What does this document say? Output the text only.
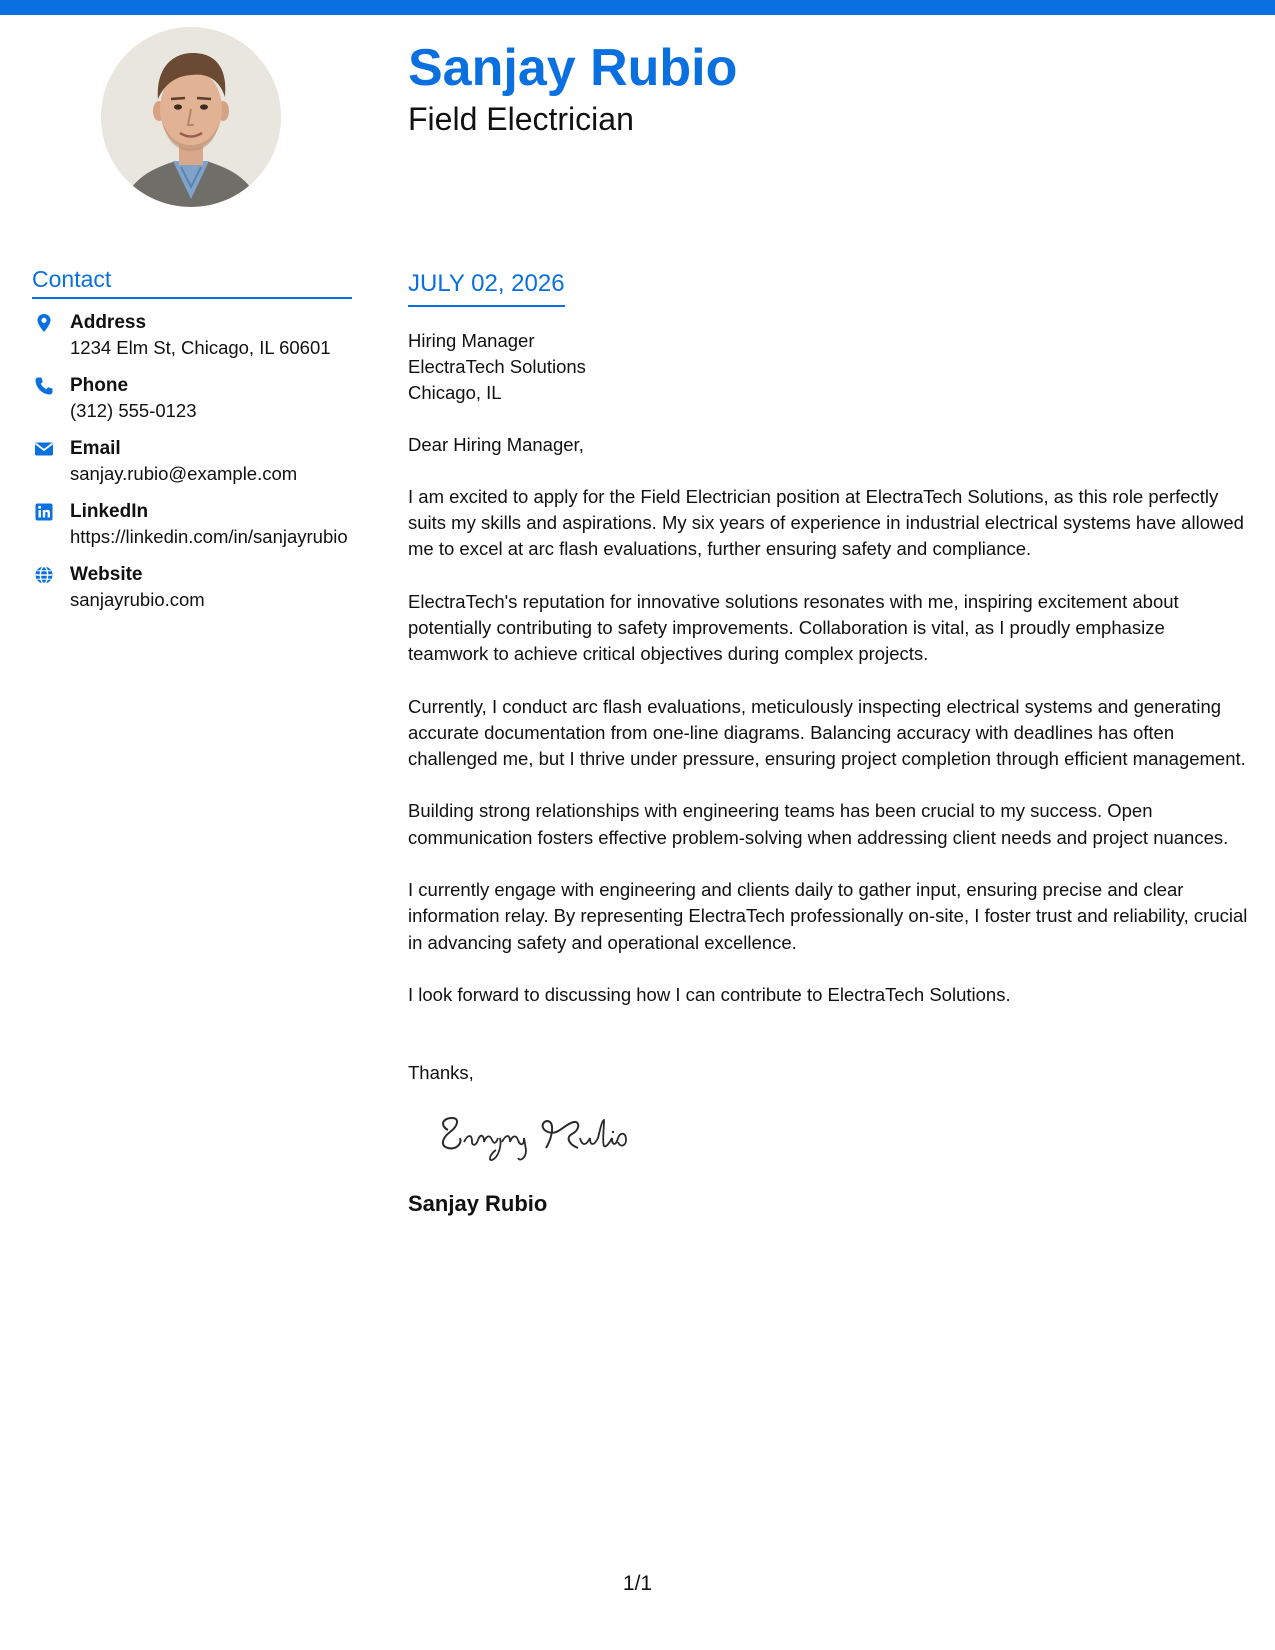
Sanjay Rubio
Field Electrician
Contact
Address
1234 Elm St, Chicago, IL 60601
Phone
(312) 555-0123
Email
sanjay.rubio@example.com
LinkedIn
https://linkedin.com/in/sanjayrubio
Website
sanjayrubio.com
JULY 02, 2026
Hiring Manager
ElectraTech Solutions
Chicago, IL
Dear Hiring Manager,
I am excited to apply for the Field Electrician position at ElectraTech Solutions, as this role perfectly suits my skills and aspirations. My six years of experience in industrial electrical systems have allowed me to excel at arc flash evaluations, further ensuring safety and compliance.
ElectraTech's reputation for innovative solutions resonates with me, inspiring excitement about potentially contributing to safety improvements. Collaboration is vital, as I proudly emphasize teamwork to achieve critical objectives during complex projects.
Currently, I conduct arc flash evaluations, meticulously inspecting electrical systems and generating accurate documentation from one-line diagrams. Balancing accuracy with deadlines has often challenged me, but I thrive under pressure, ensuring project completion through efficient management.
Building strong relationships with engineering teams has been crucial to my success. Open communication fosters effective problem-solving when addressing client needs and project nuances.
I currently engage with engineering and clients daily to gather input, ensuring precise and clear information relay. By representing ElectraTech professionally on-site, I foster trust and reliability, crucial in advancing safety and operational excellence.
I look forward to discussing how I can contribute to ElectraTech Solutions.
Thanks,
Sanjay Rubio
1/1
